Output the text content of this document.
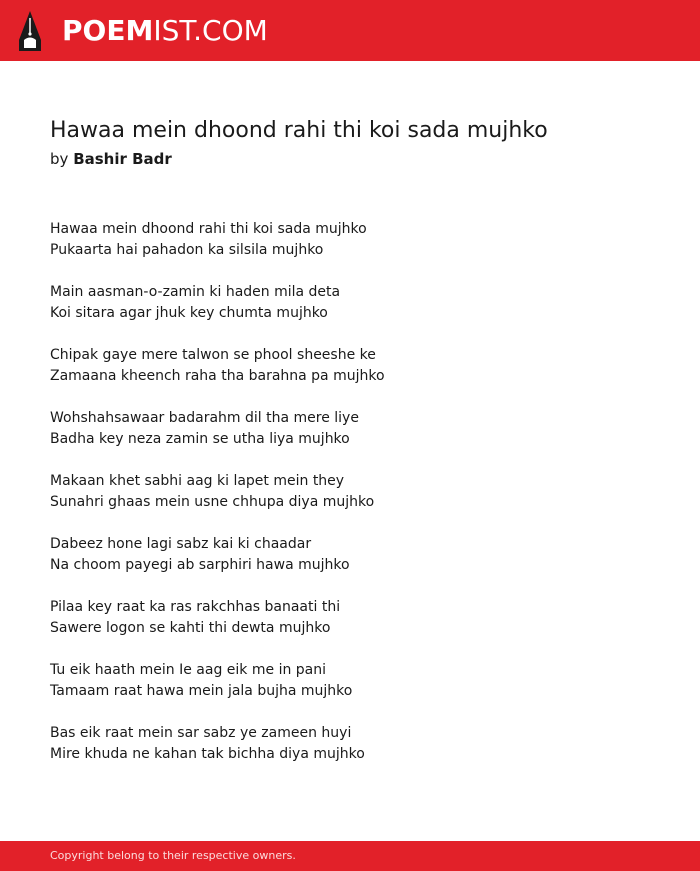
POEMIST.COM
Hawaa mein dhoond rahi thi koi sada mujhko
by Bashir Badr
Hawaa mein dhoond rahi thi koi sada mujhko
Pukaarta hai pahadon ka silsila mujhko
Main aasman-o-zamin ki haden mila deta
Koi sitara agar jhuk key chumta mujhko
Chipak gaye mere talwon se phool sheeshe ke
Zamaana kheench raha tha barahna pa mujhko
Wohshahsawaar badarahm dil tha mere liye
Badha key neza zamin se utha liya mujhko
Makaan khet sabhi aag ki lapet mein they
Sunahri ghaas mein usne chhupa diya mujhko
Dabeez hone lagi sabz kai ki chaadar
Na choom payegi ab sarphiri hawa mujhko
Pilaa key raat ka ras rakchhas banaati thi
Sawere logon se kahti thi dewta mujhko
Tu eik haath mein Ie aag eik me in pani
Tamaam raat hawa mein jala bujha mujhko
Bas eik raat mein sar sabz ye zameen huyi
Mire khuda ne kahan tak bichha diya mujhko
Copyright belong to their respective owners.
